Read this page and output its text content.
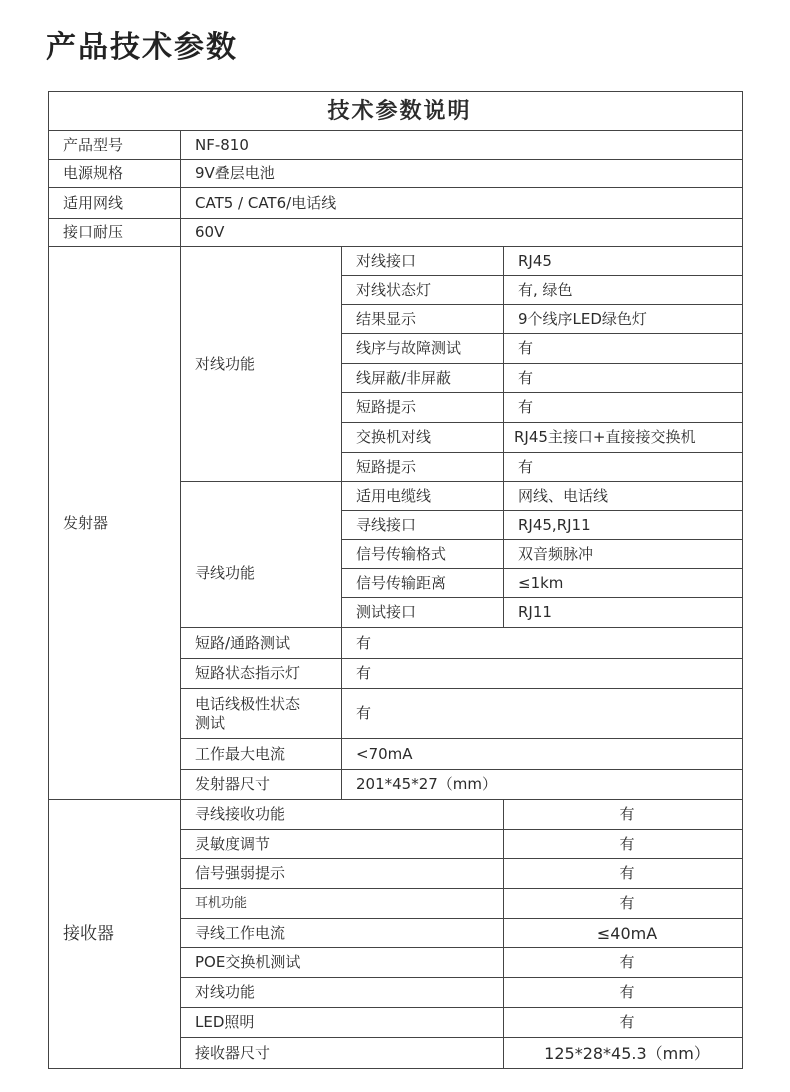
产品技术参数
技术参数说明			
产品型号	NF-810		
电源规格	9V叠层电池		
适用网线	CAT5 / CAT6/电话线		
接口耐压	60V		
发射器	对线功能	对线接口	RJ45
		对线状态灯	有, 绿色
		结果显示	9个线序LED绿色灯
		线序与故障测试	有
		线屏蔽/非屏蔽	有
		短路提示	有
		交换机对线	RJ45主接口+直接接交换机
		短路提示	有
	寻线功能	适用电缆线	网线、电话线
		寻线接口	RJ45,RJ11
		信号传输格式	双音频脉冲
		信号传输距离	≤1km
		测试接口	RJ11
	短路/通路测试	有	
	短路状态指示灯	有	
	电话线极性状态测试	有	
	工作最大电流	<70mA	
	发射器尺寸	201*45*27（mm）	
接收器	寻线接收功能		有
	灵敏度调节		有
	信号强弱提示		有
	耳机功能		有
	寻线工作电流		≤40mA
	POE交换机测试		有
	对线功能		有
	LED照明		有
	接收器尺寸		125*28*45.3（mm）
